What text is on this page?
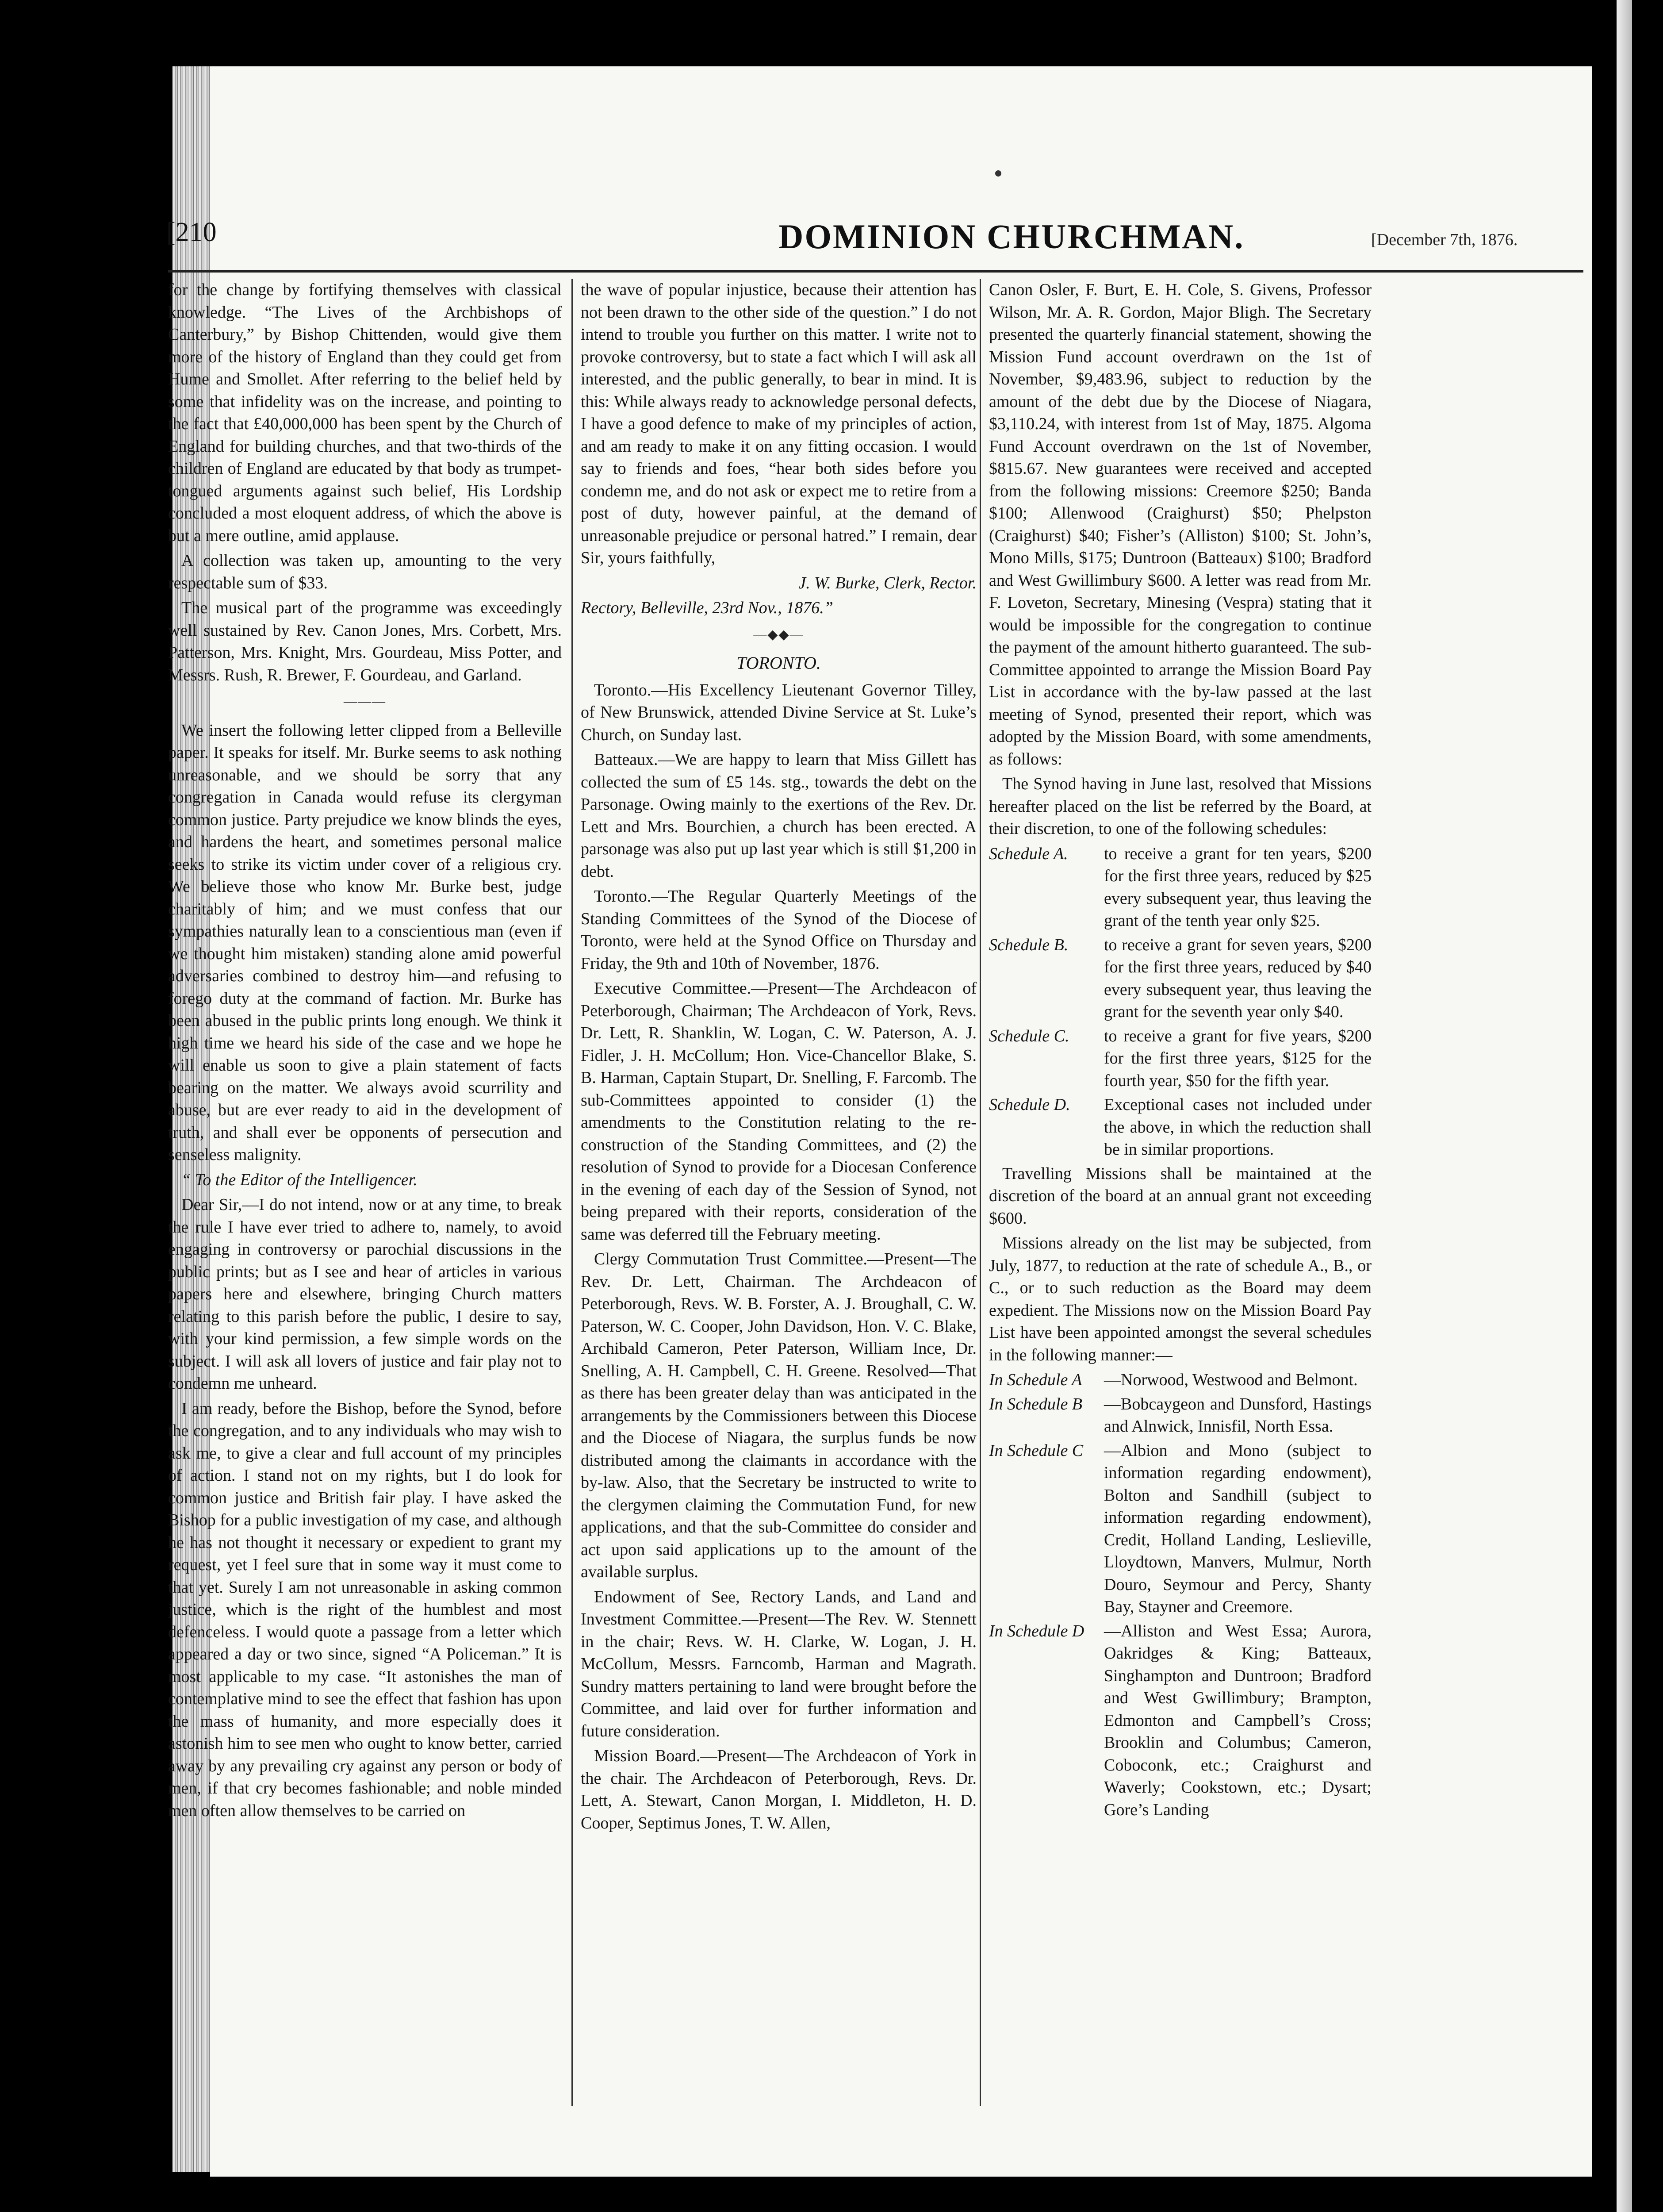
[210	DOMINION CHURCHMAN.	[December 7th, 1876.

for the change by fortifying themselves with classical knowledge. “The Lives of the Archbishops of Canterbury,” by Bishop Chittenden, would give them more of the history of England than they could get from Hume and Smollet. After referring to the belief held by some that infidelity was on the increase, and pointing to the fact that £40,000,000 has been spent by the Church of England for building churches, and that two-thirds of the children of England are educated by that body as trumpet-tongued arguments against such belief, His Lordship concluded a most eloquent address, of which the above is but a mere outline, amid applause.

A collection was taken up, amounting to the very respectable sum of $33.

The musical part of the programme was exceedingly well sustained by Rev. Canon Jones, Mrs. Corbett, Mrs. Patterson, Mrs. Knight, Mrs. Gourdeau, Miss Potter, and Messrs. Rush, R. Brewer, F. Gourdeau, and Garland.

———

We insert the following letter clipped from a Belleville paper. It speaks for itself. Mr. Burke seems to ask nothing unreasonable, and we should be sorry that any congregation in Canada would refuse its clergyman common justice. Party prejudice we know blinds the eyes, and hardens the heart, and sometimes personal malice seeks to strike its victim under cover of a religious cry. We believe those who know Mr. Burke best, judge charitably of him; and we must confess that our sympathies naturally lean to a conscientious man (even if we thought him mistaken) standing alone amid powerful adversaries combined to destroy him—and refusing to forego duty at the command of faction. Mr. Burke has been abused in the public prints long enough. We think it high time we heard his side of the case and we hope he will enable us soon to give a plain statement of facts bearing on the matter. We always avoid scurrility and abuse, but are ever ready to aid in the development of truth, and shall ever be opponents of persecution and senseless malignity.

“ To the Editor of the Intelligencer.

Dear Sir,—I do not intend, now or at any time, to break the rule I have ever tried to adhere to, namely, to avoid engaging in controversy or parochial discussions in the public prints; but as I see and hear of articles in various papers here and elsewhere, bringing Church matters relating to this parish before the public, I desire to say, with your kind permission, a few simple words on the subject. I will ask all lovers of justice and fair play not to condemn me unheard.

I am ready, before the Bishop, before the Synod, before the congregation, and to any individuals who may wish to ask me, to give a clear and full account of my principles of action. I stand not on my rights, but I do look for common justice and British fair play. I have asked the Bishop for a public investigation of my case, and although he has not thought it necessary or expedient to grant my request, yet I feel sure that in some way it must come to that yet. Surely I am not unreasonable in asking common justice, which is the right of the humblest and most defenceless. I would quote a passage from a letter which appeared a day or two since, signed “A Policeman.” It is most applicable to my case. “It astonishes the man of contemplative mind to see the effect that fashion has upon the mass of humanity, and more especially does it astonish him to see men who ought to know better, carried away by any prevailing cry against any person or body of men, if that cry becomes fashionable; and noble minded men often allow themselves to be carried on

the wave of popular injustice, because their attention has not been drawn to the other side of the question.” I do not intend to trouble you further on this matter. I write not to provoke controversy, but to state a fact which I will ask all interested, and the public generally, to bear in mind. It is this: While always ready to acknowledge personal defects, I have a good defence to make of my principles of action, and am ready to make it on any fitting occasion. I would say to friends and foes, “hear both sides before you condemn me, and do not ask or expect me to retire from a post of duty, however painful, at the demand of unreasonable prejudice or personal hatred.” I remain, dear Sir, yours faithfully,

J. W. Burke, Clerk, Rector.

Rectory, Belleville, 23rd Nov., 1876.”

—◆◆—
TORONTO.

Toronto.—His Excellency Lieutenant Governor Tilley, of New Brunswick, attended Divine Service at St. Luke’s Church, on Sunday last.

Batteaux.—We are happy to learn that Miss Gillett has collected the sum of £5 14s. stg., towards the debt on the Parsonage. Owing mainly to the exertions of the Rev. Dr. Lett and Mrs. Bourchien, a church has been erected. A parsonage was also put up last year which is still $1,200 in debt.

Toronto.—The Regular Quarterly Meetings of the Standing Committees of the Synod of the Diocese of Toronto, were held at the Synod Office on Thursday and Friday, the 9th and 10th of November, 1876.

Executive Committee.—Present—The Archdeacon of Peterborough, Chairman; The Archdeacon of York, Revs. Dr. Lett, R. Shanklin, W. Logan, C. W. Paterson, A. J. Fidler, J. H. McCollum; Hon. Vice-Chancellor Blake, S. B. Harman, Captain Stupart, Dr. Snelling, F. Farcomb. The sub-Committees appointed to consider (1) the amendments to the Constitution relating to the re-construction of the Standing Committees, and (2) the resolution of Synod to provide for a Diocesan Conference in the evening of each day of the Session of Synod, not being prepared with their reports, consideration of the same was deferred till the February meeting.

Clergy Commutation Trust Committee.—Present—The Rev. Dr. Lett, Chairman. The Archdeacon of Peterborough, Revs. W. B. Forster, A. J. Broughall, C. W. Paterson, W. C. Cooper, John Davidson, Hon. V. C. Blake, Archibald Cameron, Peter Paterson, William Ince, Dr. Snelling, A. H. Campbell, C. H. Greene. Resolved—That as there has been greater delay than was anticipated in the arrangements by the Commissioners between this Diocese and the Diocese of Niagara, the surplus funds be now distributed among the claimants in accordance with the by-law. Also, that the Secretary be instructed to write to the clergymen claiming the Commutation Fund, for new applications, and that the sub-Committee do consider and act upon said applications up to the amount of the available surplus.

Endowment of See, Rectory Lands, and Land and Investment Committee.—Present—The Rev. W. Stennett in the chair; Revs. W. H. Clarke, W. Logan, J. H. McCollum, Messrs. Farncomb, Harman and Magrath. Sundry matters pertaining to land were brought before the Committee, and laid over for further information and future consideration.

Mission Board.—Present—The Archdeacon of York in the chair. The Archdeacon of Peterborough, Revs. Dr. Lett, A. Stewart, Canon Morgan, I. Middleton, H. D. Cooper, Septimus Jones, T. W. Allen,

Canon Osler, F. Burt, E. H. Cole, S. Givens, Professor Wilson, Mr. A. R. Gordon, Major Bligh. The Secretary presented the quarterly financial statement, showing the Mission Fund account overdrawn on the 1st of November, $9,483.96, subject to reduction by the amount of the debt due by the Diocese of Niagara, $3,110.24, with interest from 1st of May, 1875. Algoma Fund Account overdrawn on the 1st of November, $815.67. New guarantees were received and accepted from the following missions: Creemore $250; Banda $100; Allenwood (Craighurst) $50; Phelpston (Craighurst) $40; Fisher’s (Alliston) $100; St. John’s, Mono Mills, $175; Duntroon (Batteaux) $100; Bradford and West Gwillimbury $600. A letter was read from Mr. F. Loveton, Secretary, Minesing (Vespra) stating that it would be impossible for the congregation to continue the payment of the amount hitherto guaranteed. The sub-Committee appointed to arrange the Mission Board Pay List in accordance with the by-law passed at the last meeting of Synod, presented their report, which was adopted by the Mission Board, with some amendments, as follows:

The Synod having in June last, resolved that Missions hereafter placed on the list be referred by the Board, at their discretion, to one of the following schedules:

Schedule A.	to receive a grant for ten years, $200 for the first three years, reduced by $25 every subsequent year, thus leaving the grant of the tenth year only $25.
Schedule B.	to receive a grant for seven years, $200 for the first three years, reduced by $40 every subsequent year, thus leaving the grant for the seventh year only $40.
Schedule C.	to receive a grant for five years, $200 for the first three years, $125 for the fourth year, $50 for the fifth year.
Schedule D.	Exceptional cases not included under the above, in which the reduction shall be in similar proportions.

Travelling Missions shall be maintained at the discretion of the board at an annual grant not exceeding $600.

Missions already on the list may be subjected, from July, 1877, to reduction at the rate of schedule A., B., or C., or to such reduction as the Board may deem expedient. The Missions now on the Mission Board Pay List have been appointed amongst the several schedules in the following manner:—

In Schedule A	—Norwood, Westwood and Belmont.
In Schedule B	—Bobcaygeon and Dunsford, Hastings and Alnwick, Innisfil, North Essa.
In Schedule C	—Albion and Mono (subject to information regarding endowment), Bolton and Sandhill (subject to information regarding endowment), Credit, Holland Landing, Leslieville, Lloydtown, Manvers, Mulmur, North Douro, Seymour and Percy, Shanty Bay, Stayner and Creemore.
In Schedule D	—Alliston and West Essa; Aurora, Oakridges & King; Batteaux, Singhampton and Duntroon; Bradford and West Gwillimbury; Brampton, Edmonton and Campbell’s Cross; Brooklin and Columbus; Cameron, Coboconk, etc.; Craighurst and Waverly; Cookstown, etc.; Dysart; Gore’s Landing
